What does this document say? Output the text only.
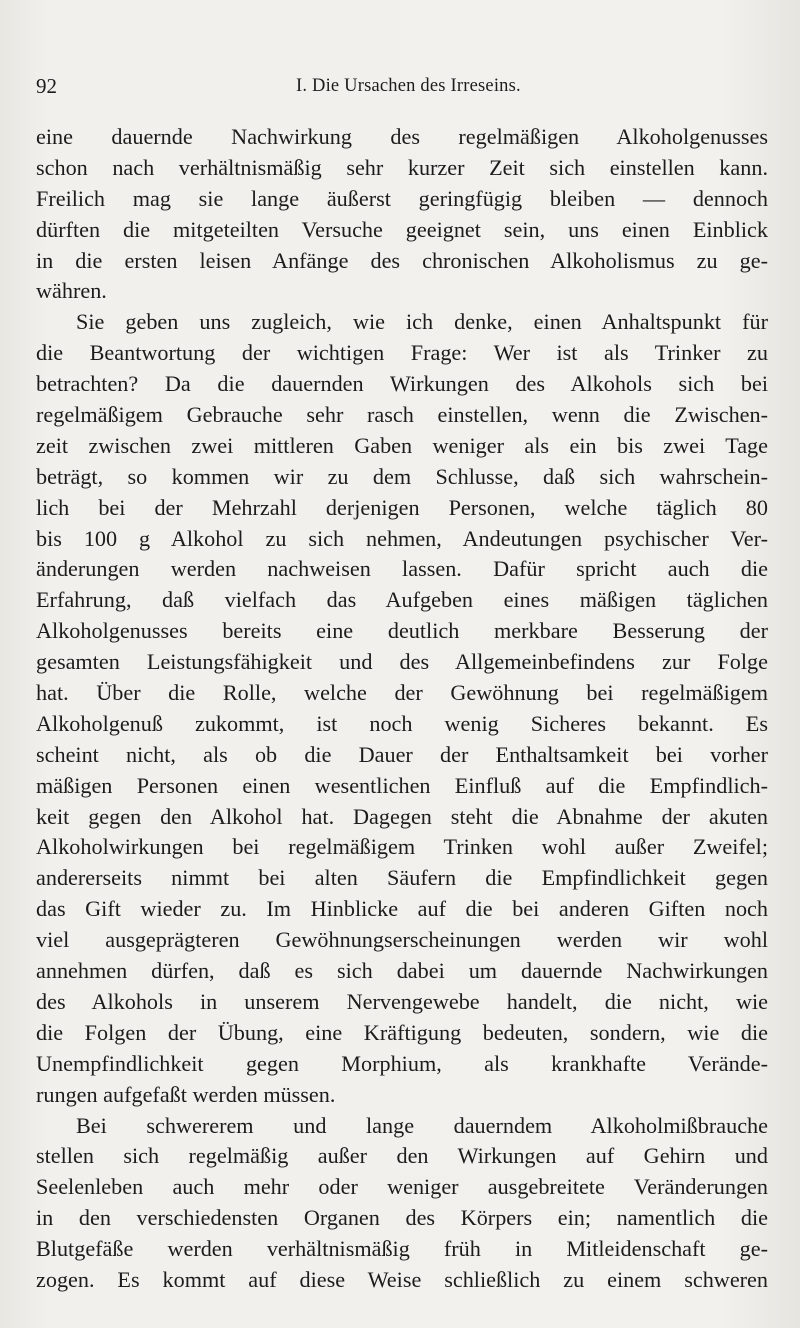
92	I. Die Ursachen des Irreseins.
eine dauernde Nachwirkung des regelmäßigen Alkoholgenusses
schon nach verhältnismäßig sehr kurzer Zeit sich einstellen kann.
Freilich mag sie lange äußerst geringfügig bleiben — dennoch
dürften die mitgeteilten Versuche geeignet sein, uns einen Einblick
in die ersten leisen Anfänge des chronischen Alkoholismus zu ge-
währen.
Sie geben uns zugleich, wie ich denke, einen Anhaltspunkt für
die Beantwortung der wichtigen Frage: Wer ist als Trinker zu
betrachten? Da die dauernden Wirkungen des Alkohols sich bei
regelmäßigem Gebrauche sehr rasch einstellen, wenn die Zwischen-
zeit zwischen zwei mittleren Gaben weniger als ein bis zwei Tage
beträgt, so kommen wir zu dem Schlusse, daß sich wahrschein-
lich bei der Mehrzahl derjenigen Personen, welche täglich 80
bis 100 g Alkohol zu sich nehmen, Andeutungen psychischer Ver-
änderungen werden nachweisen lassen. Dafür spricht auch die
Erfahrung, daß vielfach das Aufgeben eines mäßigen täglichen
Alkoholgenusses bereits eine deutlich merkbare Besserung der
gesamten Leistungsfähigkeit und des Allgemeinbefindens zur Folge
hat. Über die Rolle, welche der Gewöhnung bei regelmäßigem
Alkoholgenuß zukommt, ist noch wenig Sicheres bekannt. Es
scheint nicht, als ob die Dauer der Enthaltsamkeit bei vorher
mäßigen Personen einen wesentlichen Einfluß auf die Empfindlich-
keit gegen den Alkohol hat. Dagegen steht die Abnahme der akuten
Alkoholwirkungen bei regelmäßigem Trinken wohl außer Zweifel;
andererseits nimmt bei alten Säufern die Empfindlichkeit gegen
das Gift wieder zu. Im Hinblicke auf die bei anderen Giften noch
viel ausgeprägteren Gewöhnungserscheinungen werden wir wohl
annehmen dürfen, daß es sich dabei um dauernde Nachwirkungen
des Alkohols in unserem Nervengewebe handelt, die nicht, wie
die Folgen der Übung, eine Kräftigung bedeuten, sondern, wie die
Unempfindlichkeit gegen Morphium, als krankhafte Verände-
rungen aufgefaßt werden müssen.
Bei schwererem und lange dauerndem Alkoholmißbrauche
stellen sich regelmäßig außer den Wirkungen auf Gehirn und
Seelenleben auch mehr oder weniger ausgebreitete Veränderungen
in den verschiedensten Organen des Körpers ein; namentlich die
Blutgefäße werden verhältnismäßig früh in Mitleidenschaft ge-
zogen. Es kommt auf diese Weise schließlich zu einem schweren
